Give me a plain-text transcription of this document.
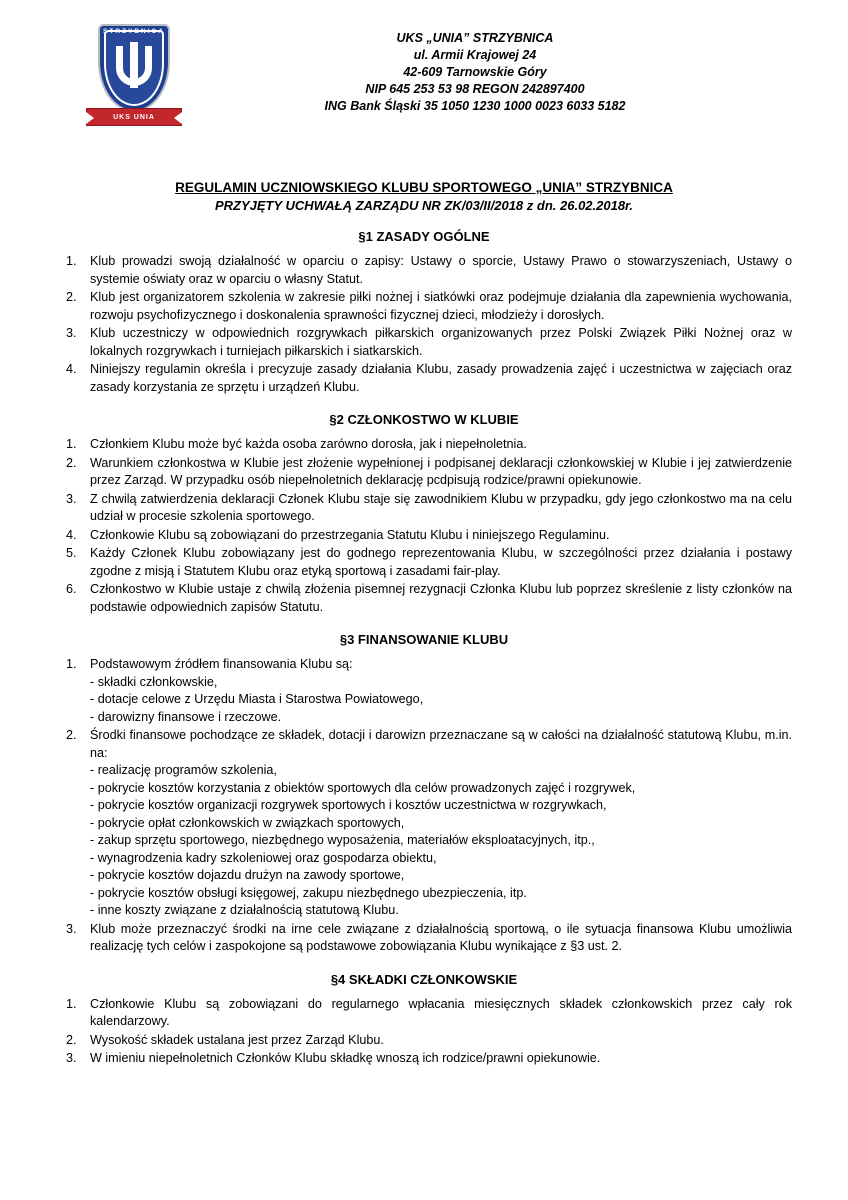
STRZYBNICA
UKS UNIA
UKS „UNIA” STRZYBNICA
ul. Armii Krajowej 24
42-609 Tarnowskie Góry
NIP 645 253 53 98 REGON 242897400
ING Bank Śląski 35 1050 1230 1000 0023 6033 5182
REGULAMIN UCZNIOWSKIEGO KLUBU SPORTOWEGO „UNIA” STRZYBNICA
PRZYJĘTY UCHWAŁĄ ZARZĄDU NR ZK/03/II/2018 z dn. 26.02.2018r.
§1 ZASADY OGÓLNE
1.	Klub prowadzi swoją działalność w oparciu o zapisy: Ustawy o sporcie, Ustawy Prawo o stowarzyszeniach, Ustawy o systemie oświaty oraz w oparciu o własny Statut.
2.	Klub jest organizatorem szkolenia w zakresie piłki nożnej i siatkówki oraz podejmuje działania dla zapewnienia wychowania, rozwoju psychofizycznego i doskonalenia sprawności fizycznej dzieci, młodzieży i dorosłych.
3.	Klub uczestniczy w odpowiednich rozgrywkach piłkarskich organizowanych przez Polski Związek Piłki Nożnej oraz w lokalnych rozgrywkach i turniejach piłkarskich i siatkarskich.
4.	Niniejszy regulamin określa i precyzuje zasady działania Klubu, zasady prowadzenia zajęć i uczestnictwa w zajęciach oraz zasady korzystania ze sprzętu i urządzeń Klubu.
§2 CZŁONKOSTWO W KLUBIE
1.	Członkiem Klubu może być każda osoba zarówno dorosła, jak i niepełnoletnia.
2.	Warunkiem członkostwa w Klubie jest złożenie wypełnionej i podpisanej deklaracji członkowskiej w Klubie i jej zatwierdzenie przez Zarząd. W przypadku osób niepełnoletnich deklarację pcdpisują rodzice/prawni opiekunowie.
3.	Z chwilą zatwierdzenia deklaracji Członek Klubu staje się zawodnikiem Klubu w przypadku, gdy jego członkostwo ma na celu udział w procesie szkolenia sportowego.
4.	Członkowie Klubu są zobowiązani do przestrzegania Statutu Klubu i niniejszego Regulaminu.
5.	Każdy Członek Klubu zobowiązany jest do godnego reprezentowania Klubu, w szczególności przez działania i postawy zgodne z misją i Statutem Klubu oraz etyką sportową i zasadami fair-play.
6.	Członkostwo w Klubie ustaje z chwilą złożenia pisemnej rezygnacji Członka Klubu lub poprzez skreślenie z listy członków na podstawie odpowiednich zapisów Statutu.
§3 FINANSOWANIE KLUBU
1.	Podstawowym źródłem finansowania Klubu są:
- składki członkowskie,
- dotacje celowe z Urzędu Miasta i Starostwa Powiatowego,
- darowizny finansowe i rzeczowe.
2.	Środki finansowe pochodzące ze składek, dotacji i darowizn przeznaczane są w całości na działalność statutową Klubu, m.in. na:
- realizację programów szkolenia,
- pokrycie kosztów korzystania z obiektów sportowych dla celów prowadzonych zajęć i rozgrywek,
- pokrycie kosztów organizacji rozgrywek sportowych i kosztów uczestnictwa w rozgrywkach,
- pokrycie opłat członkowskich w związkach sportowych,
- zakup sprzętu sportowego, niezbędnego wyposażenia, materiałów eksploatacyjnych, itp.,
- wynagrodzenia kadry szkoleniowej oraz gospodarza obiektu,
- pokrycie kosztów dojazdu drużyn na zawody sportowe,
- pokrycie kosztów obsługi księgowej, zakupu niezbędnego ubezpieczenia, itp.
- inne koszty związane z działalnością statutową Klubu.
3.	Klub może przeznaczyć środki na irne cele związane z działalnością sportową, o ile sytuacja finansowa Klubu umożliwia realizację tych celów i zaspokojone są podstawowe zobowiązania Klubu wynikające z §3 ust. 2.
§4 SKŁADKI CZŁONKOWSKIE
1.	Członkowie Klubu są zobowiązani do regularnego wpłacania miesięcznych składek członkowskich przez cały rok kalendarzowy.
2.	Wysokość składek ustalana jest przez Zarząd Klubu.
3.	W imieniu niepełnoletnich Członków Klubu składkę wnoszą ich rodzice/prawni opiekunowie.
